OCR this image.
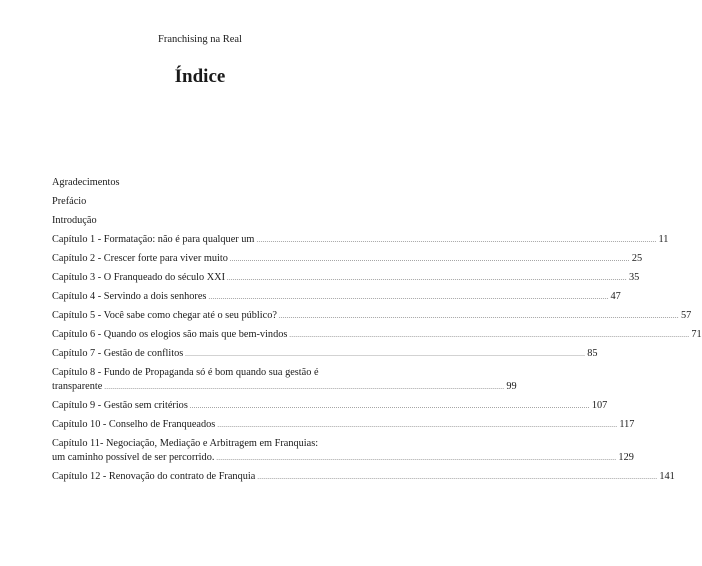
Franchising na Real
Índice
Agradecimentos
Prefácio
Introdução
Capítulo 1 - Formatação: não é para qualquer um ........................................................................................................................................................................................................ 11
Capítulo 2 - Crescer forte para viver muito ........................................................................................................................................................................................................ 25
Capítulo 3 - O Franqueado do século XXI ........................................................................................................................................................................................................ 35
Capítulo 4 - Servindo a dois senhores ........................................................................................................................................................................................................ 47
Capítulo 5 - Você sabe como chegar até o seu público? ........................................................................................................................................................................................................ 57
Capítulo 6 - Quando os elogios são mais que bem-vindos ........................................................................................................................................................................................................ 71
Capítulo 7 - Gestão de conflitos ........................................................................................................................................................................................................ 85
Capítulo 8 - Fundo de Propaganda só é bom quando sua gestão é
transparente ........................................................................................................................................................................................................ 99
Capítulo 9 - Gestão sem critérios ........................................................................................................................................................................................................ 107
Capítulo 10 - Conselho de Franqueados ........................................................................................................................................................................................................ 117
Capítulo 11- Negociação, Mediação e Arbitragem em Franquias:
um caminho possível de ser percorrido. ........................................................................................................................................................................................................ 129
Capítulo 12 - Renovação do contrato de Franquia ........................................................................................................................................................................................................ 141
